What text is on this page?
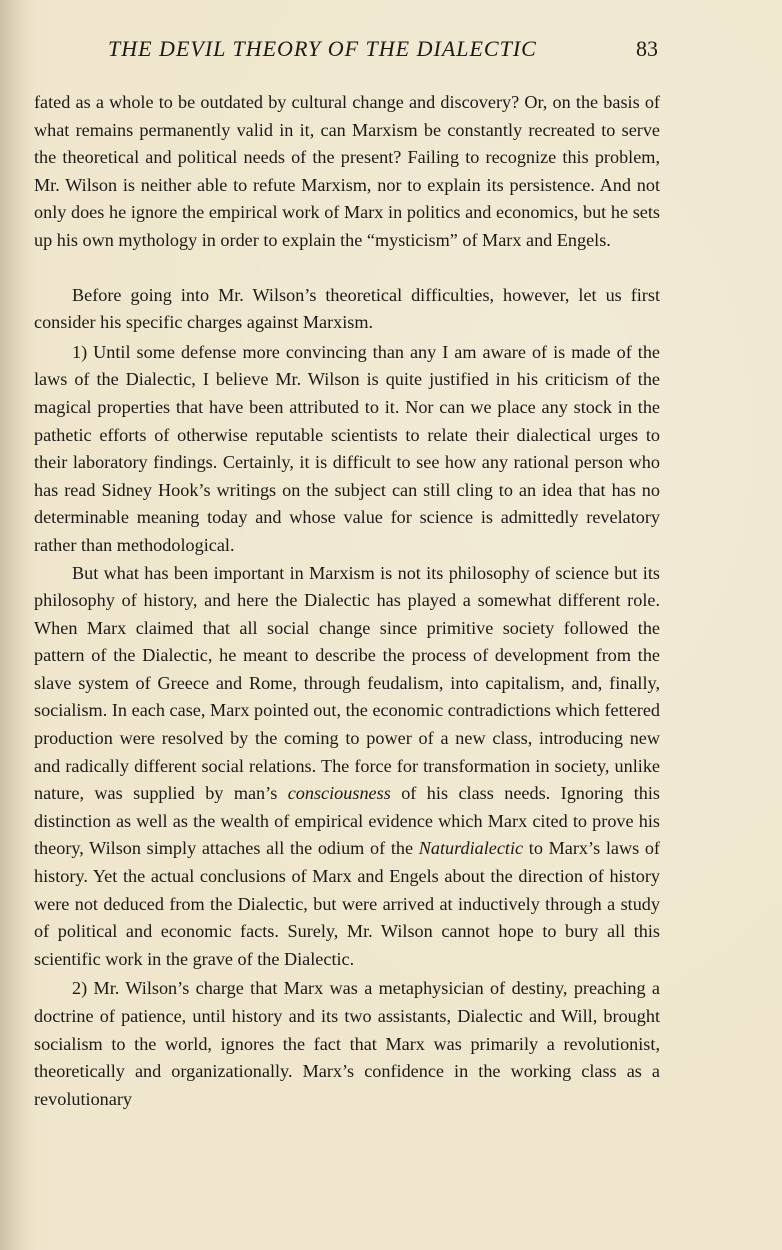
THE DEVIL THEORY OF THE DIALECTIC	83

fated as a whole to be outdated by cultural change and discovery? Or, on the basis of what remains permanently valid in it, can Marxism be constantly recreated to serve the theoretical and political needs of the present? Failing to recognize this problem, Mr. Wilson is neither able to refute Marxism, nor to explain its persistence. And not only does he ignore the empirical work of Marx in politics and economics, but he sets up his own mythology in order to explain the “mysticism” of Marx and Engels.

Before going into Mr. Wilson’s theoretical difficulties, however, let us first consider his specific charges against Marxism.

1) Until some defense more convincing than any I am aware of is made of the laws of the Dialectic, I believe Mr. Wilson is quite justified in his criticism of the magical properties that have been attributed to it. Nor can we place any stock in the pathetic efforts of otherwise reputable scientists to relate their dialectical urges to their laboratory findings. Certainly, it is difficult to see how any rational person who has read Sidney Hook’s writings on the subject can still cling to an idea that has no determinable meaning today and whose value for science is admittedly revelatory rather than methodological.

But what has been important in Marxism is not its philosophy of science but its philosophy of history, and here the Dialectic has played a somewhat different role. When Marx claimed that all social change since primitive society followed the pattern of the Dialectic, he meant to describe the process of development from the slave system of Greece and Rome, through feudalism, into capitalism, and, finally, socialism. In each case, Marx pointed out, the economic contradictions which fettered production were resolved by the coming to power of a new class, introducing new and radically different social relations. The force for transformation in society, unlike nature, was supplied by man’s consciousness of his class needs. Ignoring this distinction as well as the wealth of empirical evidence which Marx cited to prove his theory, Wilson simply attaches all the odium of the Naturdialectic to Marx’s laws of history. Yet the actual conclusions of Marx and Engels about the direction of history were not deduced from the Dialectic, but were arrived at inductively through a study of political and economic facts. Surely, Mr. Wilson cannot hope to bury all this scientific work in the grave of the Dialectic.

2) Mr. Wilson’s charge that Marx was a metaphysician of destiny, preaching a doctrine of patience, until history and its two assistants, Dialectic and Will, brought socialism to the world, ignores the fact that Marx was primarily a revolutionist, theoretically and organizationally. Marx’s confidence in the working class as a revolutionary
